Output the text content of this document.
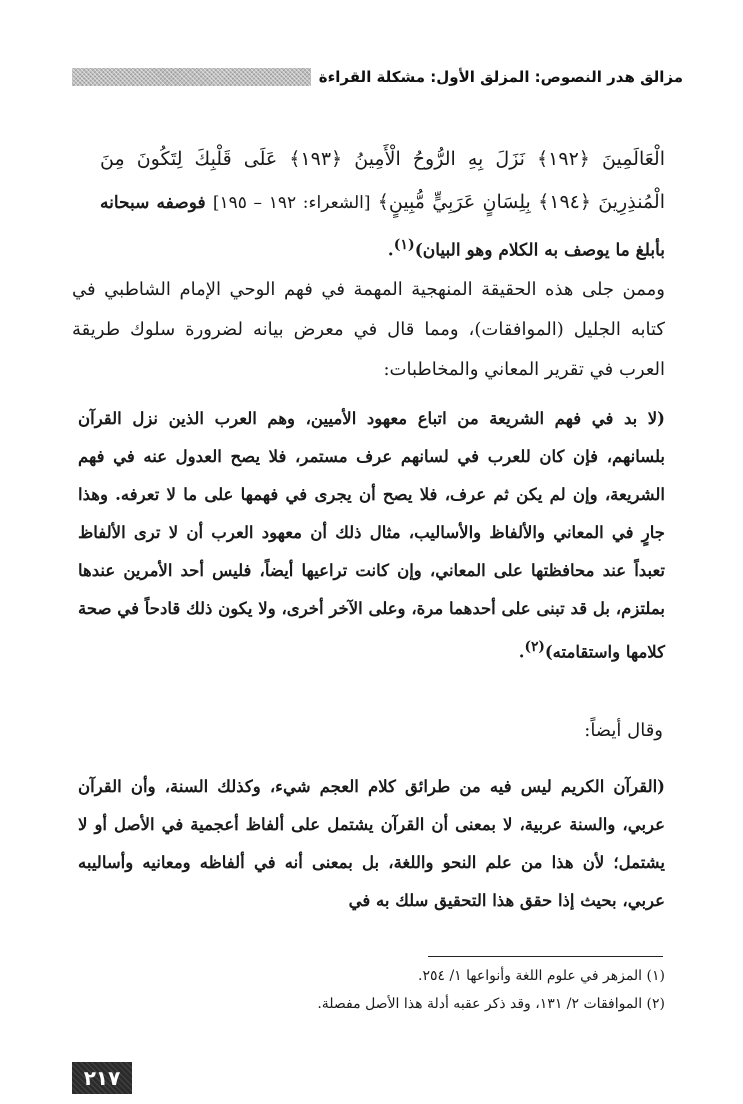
مزالق هدر النصوص: المزلق الأول: مشكلة القراءة
الْعَالَمِينَ ﴿١٩٢﴾ نَزَلَ بِهِ الرُّوحُ الْأَمِينُ ﴿١٩٣﴾ عَلَى قَلْبِكَ لِتَكُونَ مِنَ الْمُنذِرِينَ ﴿١٩٤﴾ بِلِسَانٍ عَرَبِيٍّ مُّبِينٍ﴾ [الشعراء: ١٩٢ – ١٩٥] فوصفه سبحانه بأبلغ ما يوصف به الكلام وهو البيان)$^{(١)}$.
وممن جلى هذه الحقيقة المنهجية المهمة في فهم الوحي الإمام الشاطبي في كتابه الجليل (الموافقات)، ومما قال في معرض بيانه لضرورة سلوك طريقة العرب في تقرير المعاني والمخاطبات:
(لا بد في فهم الشريعة من اتباع معهود الأميين، وهم العرب الذين نزل القرآن بلسانهم، فإن كان للعرب في لسانهم عرف مستمر، فلا يصح العدول عنه في فهم الشريعة، وإن لم يكن ثم عرف، فلا يصح أن يجرى في فهمها على ما لا تعرفه. وهذا جارٍ في المعاني والألفاظ والأساليب، مثال ذلك أن معهود العرب أن لا ترى الألفاظ تعبداً عند محافظتها على المعاني، وإن كانت تراعيها أيضاً، فليس أحد الأمرين عندها بملتزم، بل قد تبنى على أحدهما مرة، وعلى الآخر أخرى، ولا يكون ذلك قادحاً في صحة كلامها واستقامته)$^{(٢)}$.
وقال أيضاً:
(القرآن الكريم ليس فيه من طرائق كلام العجم شيء، وكذلك السنة، وأن القرآن عربي، والسنة عربية، لا بمعنى أن القرآن يشتمل على ألفاظ أعجمية في الأصل أو لا يشتمل؛ لأن هذا من علم النحو واللغة، بل بمعنى أنه في ألفاظه ومعانيه وأساليبه عربي، بحيث إذا حقق هذا التحقيق سلك به في
(١) المزهر في علوم اللغة وأنواعها ١/ ٢٥٤.
(٢) الموافقات ٢/ ١٣١، وقد ذكر عقبه أدلة هذا الأصل مفصلة.
٢١٧
